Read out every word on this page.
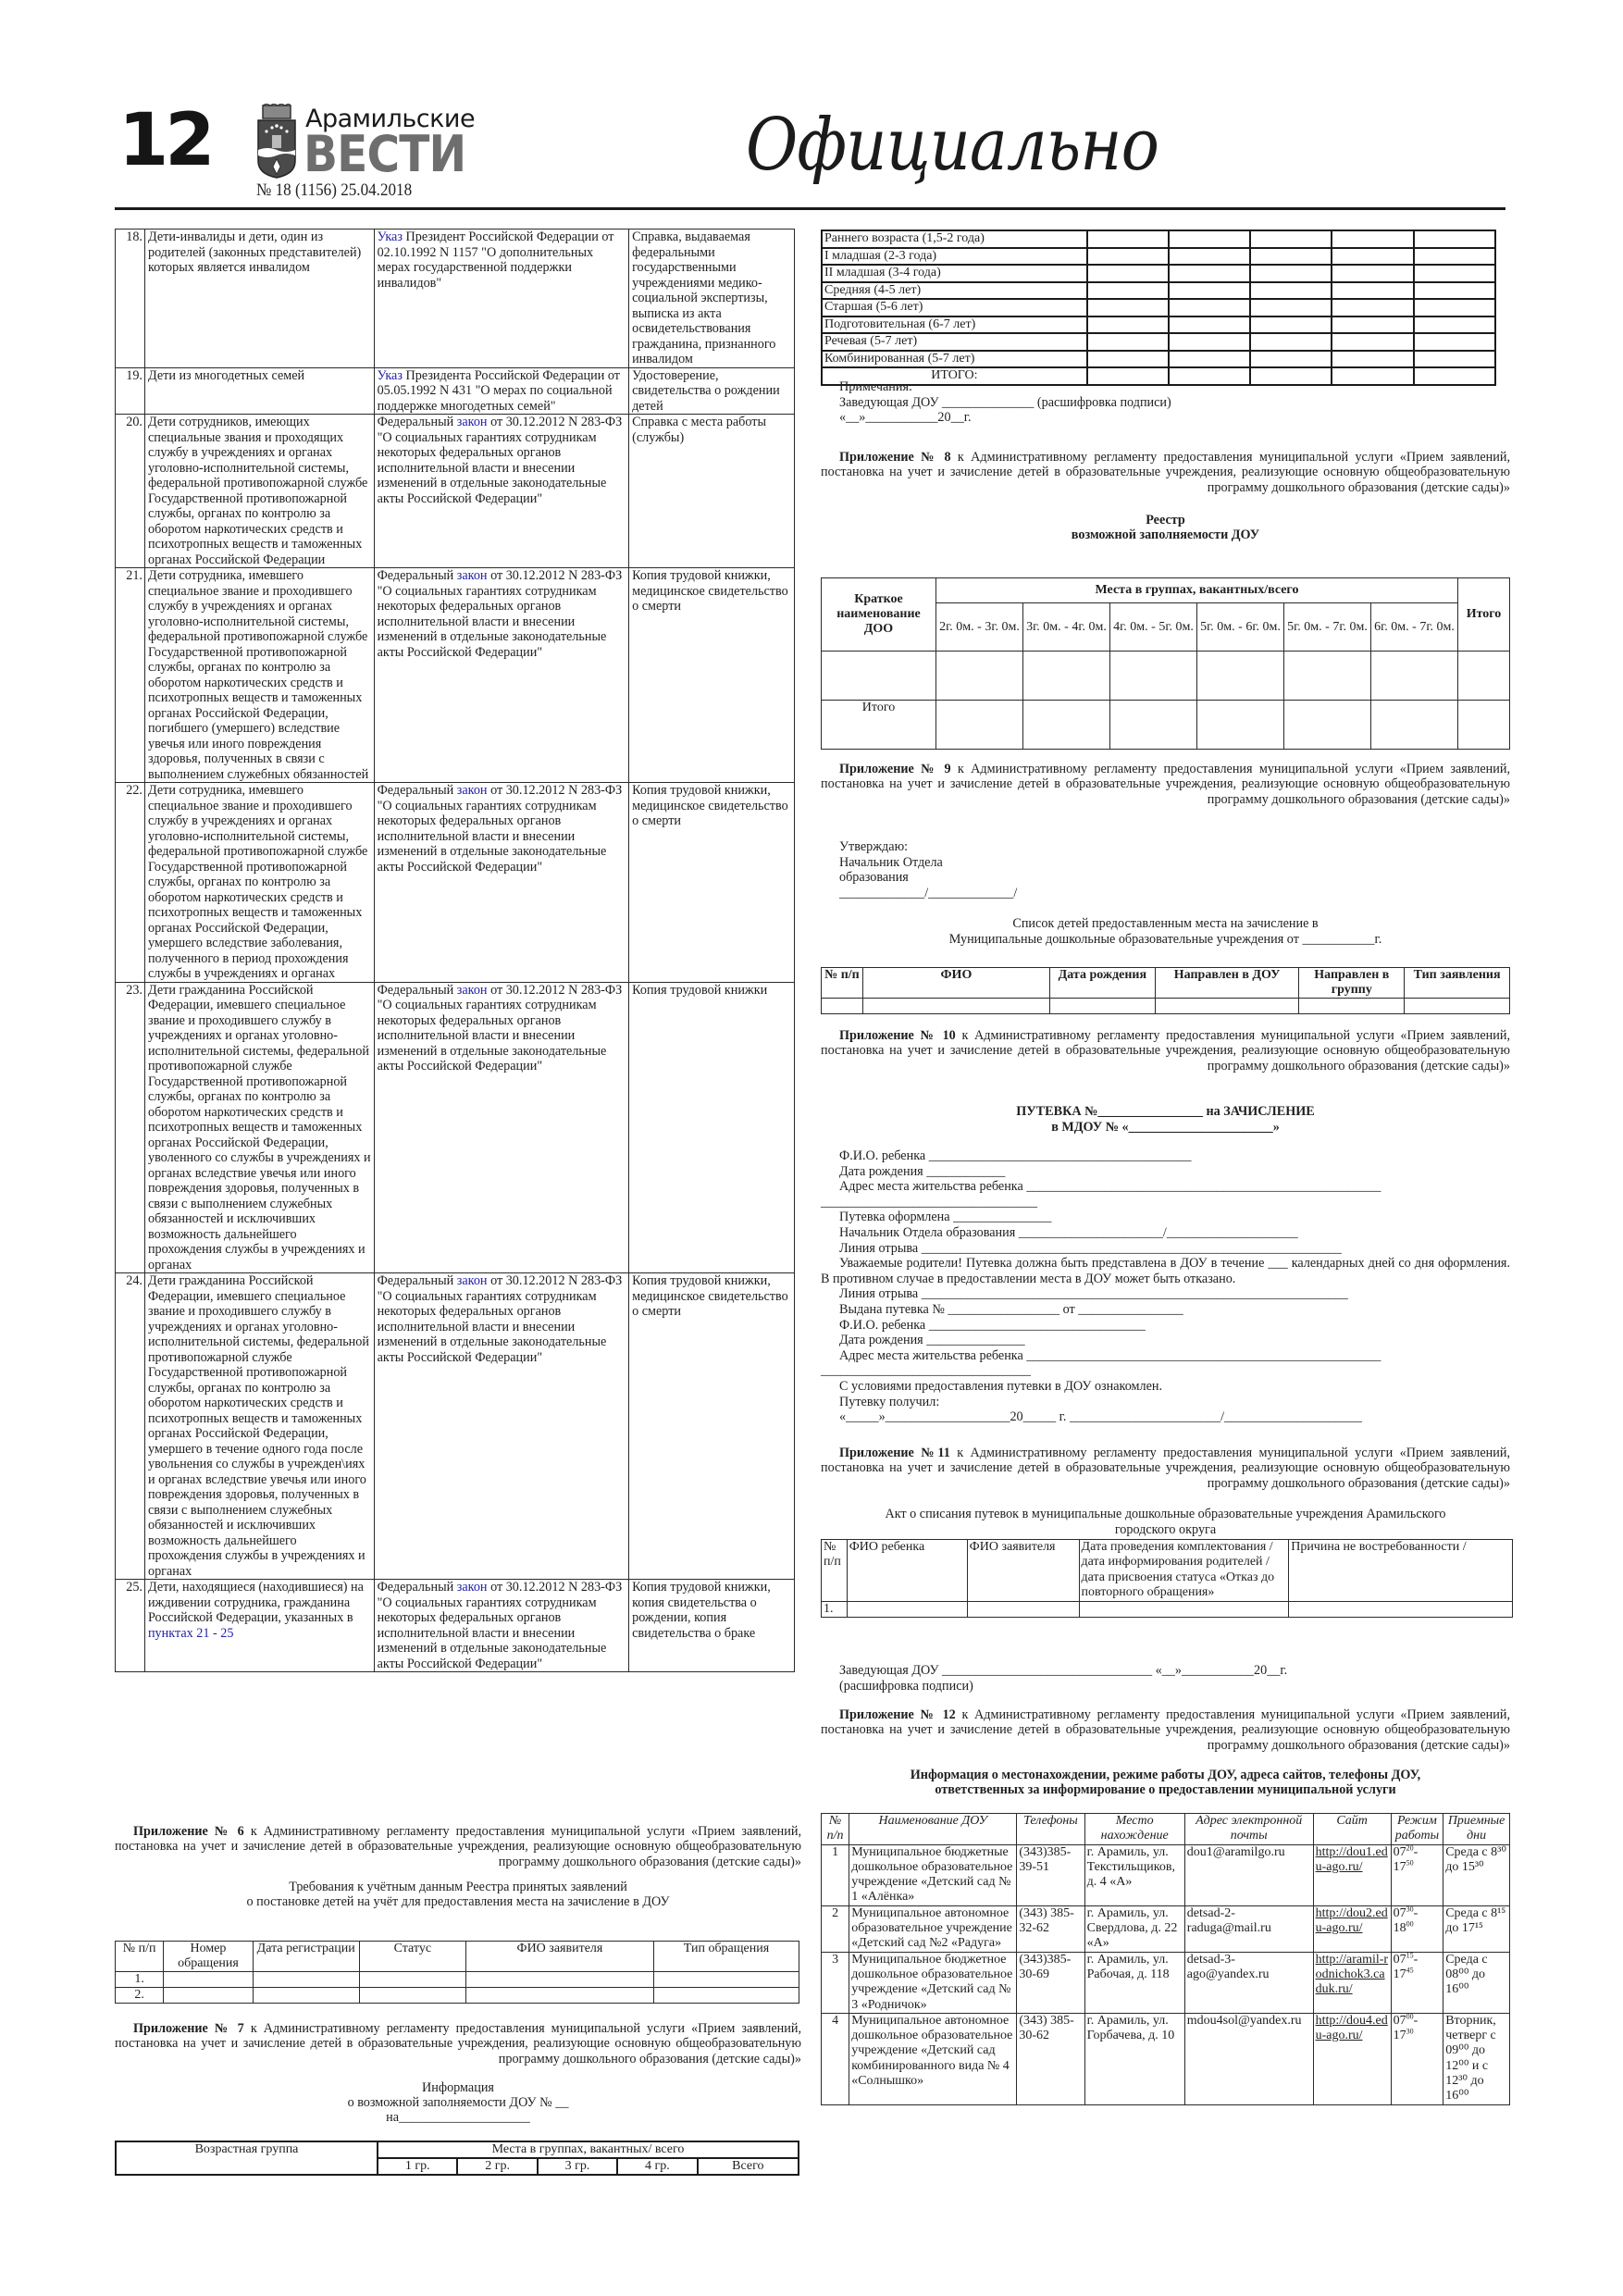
12	Арамильские
ВЕСТИ
№ 18 (1156) 25.04.2018
Официально
18.	Дети-инвалиды и дети, один из родителей (законных представителей) которых является инвалидом	Указ Президент Российской Федерации от 02.10.1992 N 1157 "О дополнительных мерах государственной поддержки инвалидов"	Справка, выдаваемая федеральными государственными учреждениями медико-социальной экспертизы, выписка из акта освидетельствования гражданина, признанного инвалидом
19.	Дети из многодетных семей	Указ Президента Российской Федерации от 05.05.1992 N 431 "О мерах по социальной поддержке многодетных семей"	Удостоверение, свидетельства о рождении детей
20.	Дети сотрудников, имеющих специальные звания и проходящих службу в учреждениях и органах уголовно-исполнительной системы, федеральной противопожарной службе Государственной противопожарной службы, органах по контролю за оборотом наркотических средств и психотропных веществ и таможенных органах Российской Федерации	Федеральный закон от 30.12.2012 N 283-ФЗ "О социальных гарантиях сотрудникам некоторых федеральных органов исполнительной власти и внесении изменений в отдельные законодательные акты Российской Федерации"	Справка с места работы (службы)
21.	Дети сотрудника, имевшего специальное звание и проходившего службу в учреждениях и органах уголовно-исполнительной системы, федеральной противопожарной службе Государственной противопожарной службы, органах по контролю за оборотом наркотических средств и психотропных веществ и таможенных органах Российской Федерации, погибшего (умершего) вследствие увечья или иного повреждения здоровья, полученных в связи с выполнением служебных обязанностей	Федеральный закон от 30.12.2012 N 283-ФЗ "О социальных гарантиях сотрудникам некоторых федеральных органов исполнительной власти и внесении изменений в отдельные законодательные акты Российской Федерации"	Копия трудовой книжки, медицинское свидетельство о смерти
22.	Дети сотрудника, имевшего специальное звание и проходившего службу в учреждениях и органах уголовно-исполнительной системы, федеральной противопожарной службе Государственной противопожарной службы, органах по контролю за оборотом наркотических средств и психотропных веществ и таможенных органах Российской Федерации, умершего вследствие заболевания, полученного в период прохождения службы в учреждениях и органах	Федеральный закон от 30.12.2012 N 283-ФЗ "О социальных гарантиях сотрудникам некоторых федеральных органов исполнительной власти и внесении изменений в отдельные законодательные акты Российской Федерации"	Копия трудовой книжки, медицинское свидетельство о смерти
23.	Дети гражданина Российской Федерации, имевшего специальное звание и проходившего службу в учреждениях и органах уголовно-исполнительной системы, федеральной противопожарной службе Государственной противопожарной службы, органах по контролю за оборотом наркотических средств и психотропных веществ и таможенных органах Российской Федерации, уволенного со службы в учреждениях и органах вследствие увечья или иного повреждения здоровья, полученных в связи с выполнением служебных обязанностей и исключивших возможность дальнейшего прохождения службы в учреждениях и органах	Федеральный закон от 30.12.2012 N 283-ФЗ "О социальных гарантиях сотрудникам некоторых федеральных органов исполнительной власти и внесении изменений в отдельные законодательные акты Российской Федерации"	Копия трудовой книжки
24.	Дети гражданина Российской Федерации, имевшего специальное звание и проходившего службу в учреждениях и органах уголовно-исполнительной системы, федеральной противопожарной службе Государственной противопожарной службы, органах по контролю за оборотом наркотических средств и психотропных веществ и таможенных органах Российской Федерации, умершего в течение одного года после увольнения со службы в учрежден\иях и органах вследствие увечья или иного повреждения здоровья, полученных в связи с выполнением служебных обязанностей и исключивших возможность дальнейшего прохождения службы в учреждениях и органах	Федеральный закон от 30.12.2012 N 283-ФЗ "О социальных гарантиях сотрудникам некоторых федеральных органов исполнительной власти и внесении изменений в отдельные законодательные акты Российской Федерации"	Копия трудовой книжки, медицинское свидетельство о смерти
25.	Дети, находящиеся (находившиеся) на иждивении сотрудника, гражданина Российской Федерации, указанных в пунктах 21 - 25	Федеральный закон от 30.12.2012 N 283-ФЗ "О социальных гарантиях сотрудникам некоторых федеральных органов исполнительной власти и внесении изменений в отдельные законодательные акты Российской Федерации"	Копия трудовой книжки, копия свидетельства о рождении, копия свидетельства о браке
Приложение № 6 к Административному регламенту предоставления муниципальной услуги «Прием заявлений, постановка на учет и зачисление детей в образовательные учреждения, реализующие основную общеобразовательную программу дошкольного образования (детские сады)»
Требования к учётным данным Реестра принятых заявлений
о постановке детей на учёт для предоставления места на зачисление в ДОУ
№ п/п	Номер обращения	Дата регистрации	Статус	ФИО заявителя	Тип обращения
1.					
2.					
Приложение № 7 к Административному регламенту предоставления муниципальной услуги «Прием заявлений, постановка на учет и зачисление детей в образовательные учреждения, реализующие основную общеобразовательную программу дошкольного образования (детские сады)»
Информация
о возможной заполняемости ДОУ № __
на____________________
Возрастная группа	Места в группах, вакантных/ всего				
	1 гр.	2 гр.	3 гр.	4 гр.	Всего
Раннего возраста (1,5-2 года)					
I младшая (2-3 года)					
II младшая (3-4 года)					
Средняя (4-5 лет)					
Старшая (5-6 лет)					
Подготовительная (6-7 лет)					
Речевая (5-7 лет)					
Комбинированная (5-7 лет)					
ИТОГО:					
Примечания:
Заведующая ДОУ ______________ (расшифровка подписи)
«__»___________20__г.
Приложение № 8 к Административному регламенту предоставления муниципальной услуги «Прием заявлений, постановка на учет и зачисление детей в образовательные учреждения, реализующие основную общеобразовательную программу дошкольного образования (детские сады)»
Реестр
возможной заполняемости ДОУ
Краткое наименование ДОО	Места в группах, вакантных/всего						Итого
	2г. 0м. - 3г. 0м.	3г. 0м. - 4г. 0м.	4г. 0м. - 5г. 0м.	5г. 0м. - 6г. 0м.	5г. 0м. - 7г. 0м.	6г. 0м. - 7г. 0м.	

Итого							
Приложение № 9 к Административному регламенту предоставления муниципальной услуги «Прием заявлений, постановка на учет и зачисление детей в образовательные учреждения, реализующие основную общеобразовательную программу дошкольного образования (детские сады)»
Утверждаю:
Начальник Отдела
образования
_____________/_____________/
Список детей предоставленным места на зачисление в
Муниципальные дошкольные образовательные учреждения от ___________г.
№ п/п	ФИО	Дата рождения	Направлен в ДОУ	Направлен в группу	Тип заявления

Приложение № 10 к Административному регламенту предоставления муниципальной услуги «Прием заявлений, постановка на учет и зачисление детей в образовательные учреждения, реализующие основную общеобразовательную программу дошкольного образования (детские сады)»
ПУТЕВКА №________________ на ЗАЧИСЛЕНИЕ
в МДОУ № «______________________»
Ф.И.О. ребенка ________________________________________
Дата рождения ____________
Адрес места жительства ребенка ______________________________________________________
_________________________________
Путевка оформлена _______________
Начальник Отдела образования ______________________/____________________
Линия отрыва ________________________________________________________________
Уважаемые родители! Путевка должна быть представлена в ДОУ в течение ___ календарных дней со дня оформления. В противном случае в предоставлении места в ДОУ может быть отказано.
Линия отрыва _________________________________________________________________
Выдана путевка № _________________ от ________________
Ф.И.О. ребенка _________________________________
Дата рождения _______________
Адрес места жительства ребенка ______________________________________________________
________________________________
С условиями предоставления путевки в ДОУ ознакомлен.
Путевку получил:
«_____»___________________20_____ г. _______________________/_____________________
Приложение №11 к Административному регламенту предоставления муниципальной услуги «Прием заявлений, постановка на учет и зачисление детей в образовательные учреждения, реализующие основную общеобразовательную программу дошкольного образования (детские сады)»
Акт о списания путевок в муниципальные дошкольные образовательные учреждения Арамильского
городского округа
№ п/п	ФИО ребенка	ФИО заявителя	Дата проведения комплектования / дата информирования родителей / дата присвоения статуса «Отказ до повторного обращения»	Причина не востребованности /
1.				
Заведующая ДОУ ________________________________ «__»___________20__г.
(расшифровка подписи)
Приложение № 12 к Административному регламенту предоставления муниципальной услуги «Прием заявлений, постановка на учет и зачисление детей в образовательные учреждения, реализующие основную общеобразовательную программу дошкольного образования (детские сады)»
Информация о местонахождении, режиме работы ДОУ, адреса сайтов, телефоны ДОУ,
ответственных за информирование о предоставлении муниципальной услуги
№ п/п	Наименование ДОУ	Телефоны	Место нахождение	Адрес электронной почты	Сайт	Режим работы	Приемные дни
1	Муниципальное бюджетные дошкольное образовательное учреждение «Детский сад № 1 «Алёнка»	(343)385-39-51	г. Арамиль, ул. Текстильщиков, д. 4 «А»	dou1@aramilgo.ru	http://dou1.edu-ago.ru/	$07^{20}-$ $17^{50}$	Среда с 8³⁰ до 15³⁰
2	Муниципальное автономное образовательное учреждение «Детский сад №2 «Радуга»	(343) 385-32-62	г. Арамиль, ул. Свердлова, д. 22 «А»	detsad-2-raduga@mail.ru	http://dou2.edu-ago.ru/	$07^{30}-$ $18^{00}$	Среда с 8¹⁵ до 17¹⁵
3	Муниципальное бюджетное дошкольное образовательное учреждение «Детский сад № 3 «Родничок»	(343)385-30-69	г. Арамиль, ул. Рабочая, д. 118	detsad-3-ago@yandex.ru	http://aramil-rodnichok3.caduk.ru/	$07^{15}-$ $17^{45}$	Среда с 08⁰⁰ до 16⁰⁰
4	Муниципальное автономное дошкольное образовательное учреждение «Детский сад комбинированного вида № 4 «Солнышко»	(343) 385-30-62	г. Арамиль, ул. Горбачева, д. 10	mdou4sol@yandex.ru	http://dou4.edu-ago.ru/	$07^{00}-$ $17^{30}$	Вторник, четверг с 09⁰⁰ до 12⁰⁰ и с 12³⁰ до 16⁰⁰
